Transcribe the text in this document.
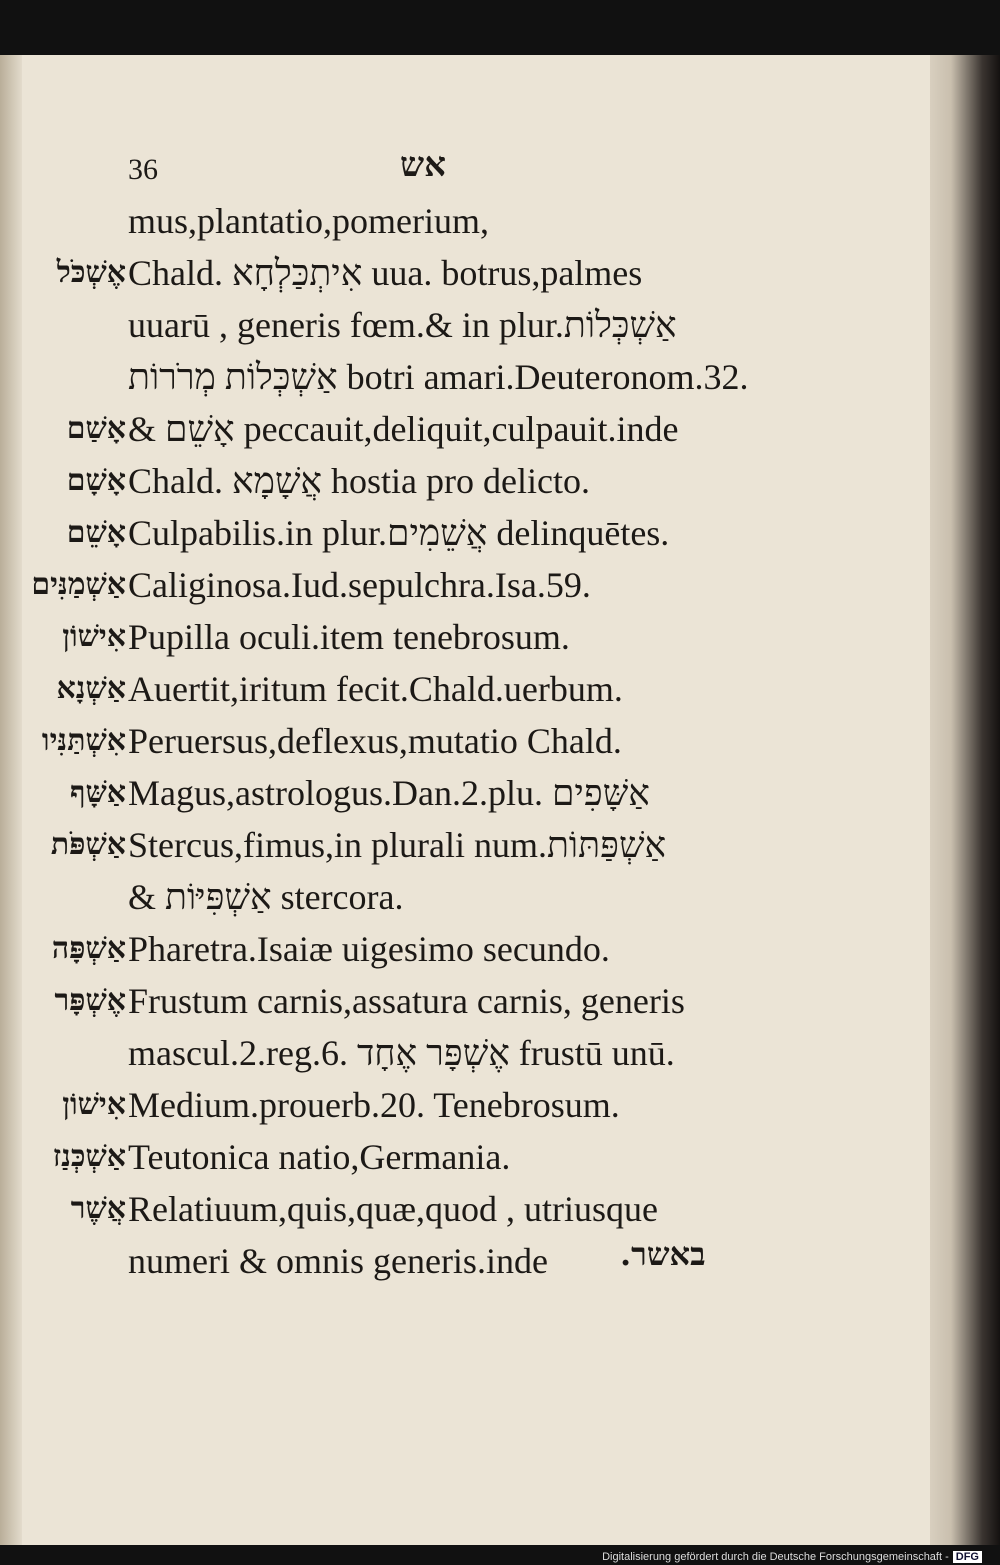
36	אש
mus,plantatio,pomerium,
אֶשְׁכֹּל Chald. אִיתְכַּלְחָא uua. botrus,palmes
uuarū , generis fœm.& in plur.אַשְׁכְּלוֹת
אַשְׁכְּלוֹת מְרֹרוֹת botri amari.Deuteronom.32.
אָשַׁם & אָשֵׁם peccauit,deliquit,culpauit.inde
אָשָׁם Chald. אֲשָׁמָא hostia pro delicto.
אָשֵׁם Culpabilis.in plur.אֲשֵׁמִים delinquētes.
אַשְׁמַנִּים Caliginosa.Iud.sepulchra.Isa.59.
אִישׁוֹן Pupilla oculi.item tenebrosum.
אַשְׁנָא Auertit,iritum fecit.Chald.uerbum.
אִשְׁתַּנִּיו Peruersus,deflexus,mutatio Chald.
אַשָּׁף Magus,astrologus.Dan.2.plu. אַשָּׁפִים
אַשְׁפֹּת Stercus,fimus,in plurali num.אַשְׁפַּתּוֹת
& אַשְׁפִּיּוֹת stercora.
אַשְׁפָּה Pharetra.Isaiæ uigesimo secundo.
אֶשְׁפָּר Frustum carnis,assatura carnis, generis
mascul.2.reg.6. אֶשְׁפָּר אֶחָד frustū unū.
אִישׁוֹן Medium.prouerb.20. Tenebrosum.
אַשְׁכְּנַז Teutonica natio,Germania.
אֲשֶׁר Relatiuum,quis,quæ,quod , utriusque
numeri & omnis generis.inde באשר.
Digitalisierung gefördert durch die Deutsche Forschungsgemeinschaft - DFG
